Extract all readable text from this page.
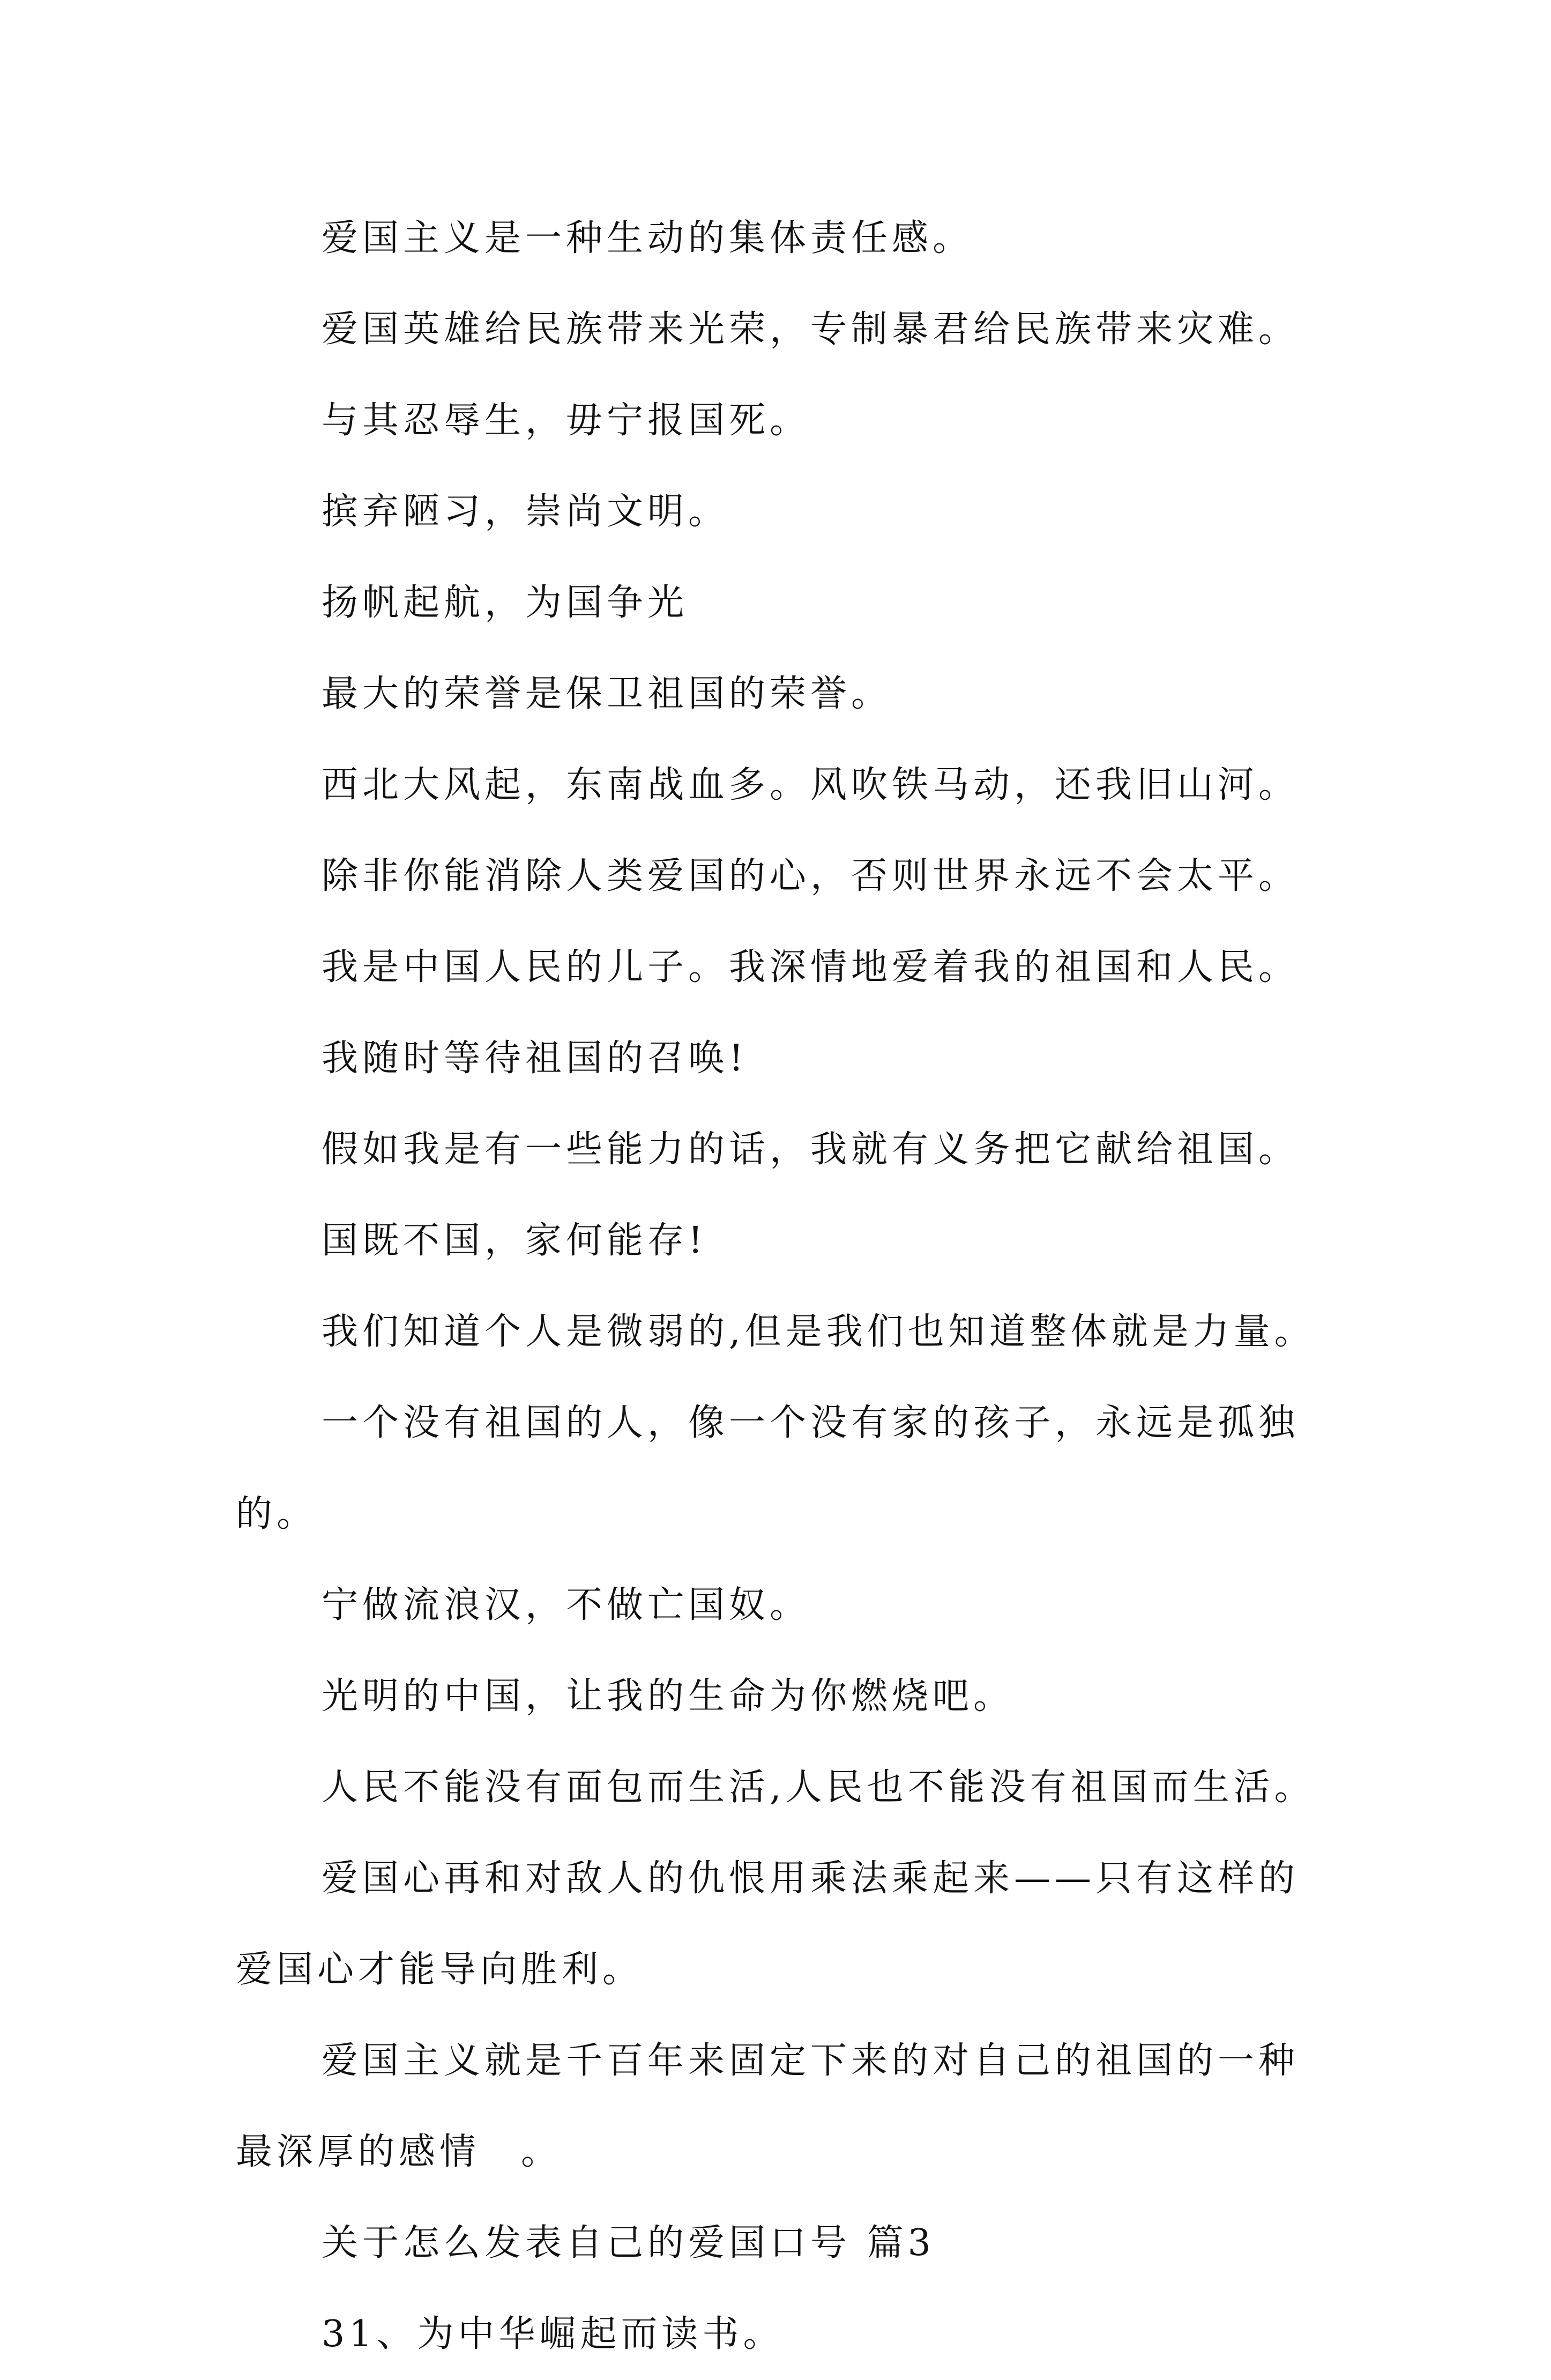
爱国主义是一种生动的集体责任感。

爱国英雄给民族带来光荣，专制暴君给民族带来灾难。

与其忍辱生，毋宁报国死。

摈弃陋习，崇尚文明。

扬帆起航，为国争光

最大的荣誉是保卫祖国的荣誉。

西北大风起，东南战血多。风吹铁马动，还我旧山河。

除非你能消除人类爱国的心，否则世界永远不会太平。

我是中国人民的儿子。我深情地爱着我的祖国和人民。

我随时等待祖国的召唤!

假如我是有一些能力的话，我就有义务把它献给祖国。

国既不国，家何能存!

我们知道个人是微弱的,但是我们也知道整体就是力量。

一个没有祖国的人，像一个没有家的孩子，永远是孤独的。

宁做流浪汉，不做亡国奴。

光明的中国，让我的生命为你燃烧吧。

人民不能没有面包而生活,人民也不能没有祖国而生活。

爱国心再和对敌人的仇恨用乘法乘起来——只有这样的爱国心才能导向胜利。

爱国主义就是千百年来固定下来的对自己的祖国的一种最深厚的感情　。

关于怎么发表自己的爱国口号 篇3

31、为中华崛起而读书。
